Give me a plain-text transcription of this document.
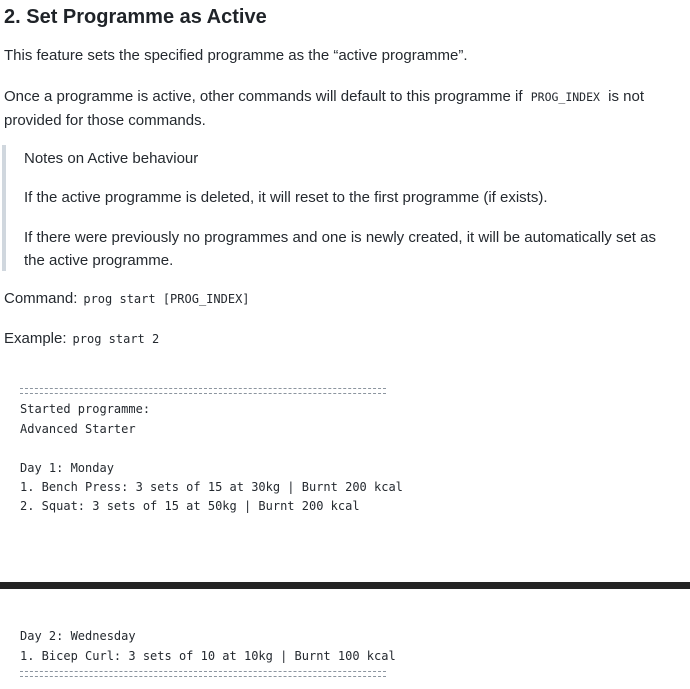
2. Set Programme as Active

This feature sets the specified programme as the “active programme”.

Once a programme is active, other commands will default to this programme if PROG_INDEX is not
provided for those commands.

Notes on Active behaviour

If the active programme is deleted, it will reset to the first programme (if exists).

If there were previously no programmes and one is newly created, it will be automatically set as
the active programme.

Command: prog start [PROG_INDEX]

Example: prog start 2

Started programme:
Advanced Starter
Day 1: Monday
1. Bench Press: 3 sets of 15 at 30kg | Burnt 200 kcal
2. Squat: 3 sets of 15 at 50kg | Burnt 200 kcal
Day 2: Wednesday
1. Bicep Curl: 3 sets of 10 at 10kg | Burnt 100 kcal
